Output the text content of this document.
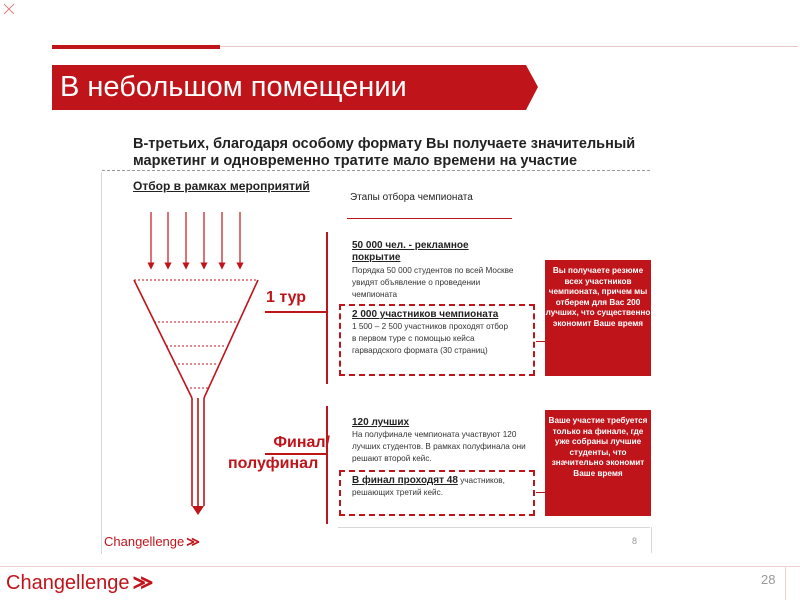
В небольшом помещении
В-третьих, благодаря особому формату Вы получаете значительный маркетинг и одновременно тратите мало времени на участие
Отбор в рамках мероприятий
Этапы отбора чемпионата
1 тур
Финал/
полуфинал
50 000 чел. - рекламное покрытие
Порядка 50 000 студентов по всей Москве увидят объявление о проведении чемпионата
2 000 участников чемпионата
1 500 – 2 500 участников проходят отбор в первом туре с помощью кейса гарвардского формата (30 страниц)
Вы получаете резюме всех участников чемпионата, причем мы отберем для Вас 200 лучших, что существенно экономит Ваше время
120 лучших
На полуфинале чемпионата участвуют 120 лучших студентов. В рамках полуфинала они решают второй кейс.
В финал проходят 48 участников, решающих третий кейс.
Ваше участие требуется только на финале, где уже собраны лучшие студенты, что значительно экономит Ваше время
Changellenge ≫	8
Changellenge ≫	28
